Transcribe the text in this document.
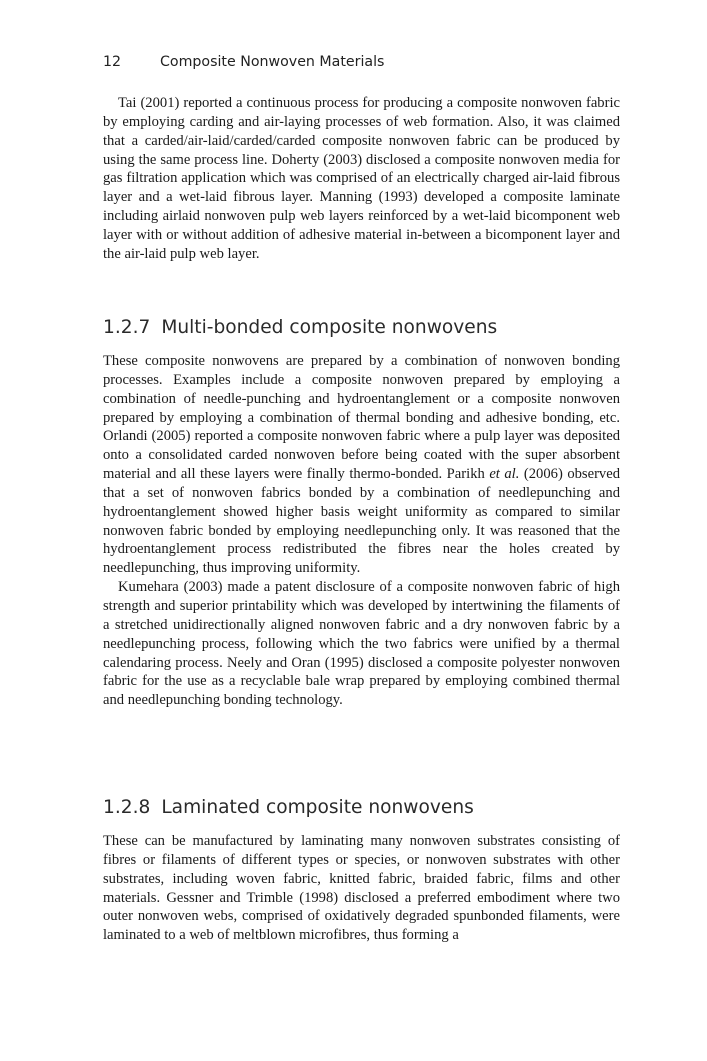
12	Composite Nonwoven Materials

Tai (2001) reported a continuous process for producing a composite nonwoven fabric by employing carding and air-laying processes of web formation. Also, it was claimed that a carded/air-laid/carded/carded composite nonwoven fabric can be produced by using the same process line. Doherty (2003) disclosed a composite nonwoven media for gas filtration application which was comprised of an electrically charged air-laid fibrous layer and a wet-laid fibrous layer. Manning (1993) developed a composite laminate including airlaid nonwoven pulp web layers reinforced by a wet-laid bicomponent web layer with or without addition of adhesive material in-between a bicomponent layer and the air-laid pulp web layer.

1.2.7 Multi-bonded composite nonwovens

These composite nonwovens are prepared by a combination of nonwoven bonding processes. Examples include a composite nonwoven prepared by employing a combination of needle-punching and hydroentanglement or a composite nonwoven prepared by employing a combination of thermal bonding and adhesive bonding, etc. Orlandi (2005) reported a composite nonwoven fabric where a pulp layer was deposited onto a consolidated carded nonwoven before being coated with the super absorbent material and all these layers were finally thermo-bonded. Parikh et al. (2006) observed that a set of nonwoven fabrics bonded by a combination of needlepunching and hydroentanglement showed higher basis weight uniformity as compared to similar nonwoven fabric bonded by employing needlepunching only. It was reasoned that the hydroentanglement process redistributed the fibres near the holes created by needlepunching, thus improving uniformity.

Kumehara (2003) made a patent disclosure of a composite nonwoven fabric of high strength and superior printability which was developed by intertwining the filaments of a stretched unidirectionally aligned nonwoven fabric and a dry nonwoven fabric by a needlepunching process, following which the two fabrics were unified by a thermal calendaring process. Neely and Oran (1995) disclosed a composite polyester nonwoven fabric for the use as a recyclable bale wrap prepared by employing combined thermal and needlepunching bonding technology.

1.2.8 Laminated composite nonwovens

These can be manufactured by laminating many nonwoven substrates consisting of fibres or filaments of different types or species, or nonwoven substrates with other substrates, including woven fabric, knitted fabric, braided fabric, films and other materials. Gessner and Trimble (1998) disclosed a preferred embodiment where two outer nonwoven webs, comprised of oxidatively degraded spunbonded filaments, were laminated to a web of meltblown microfibres, thus forming a
